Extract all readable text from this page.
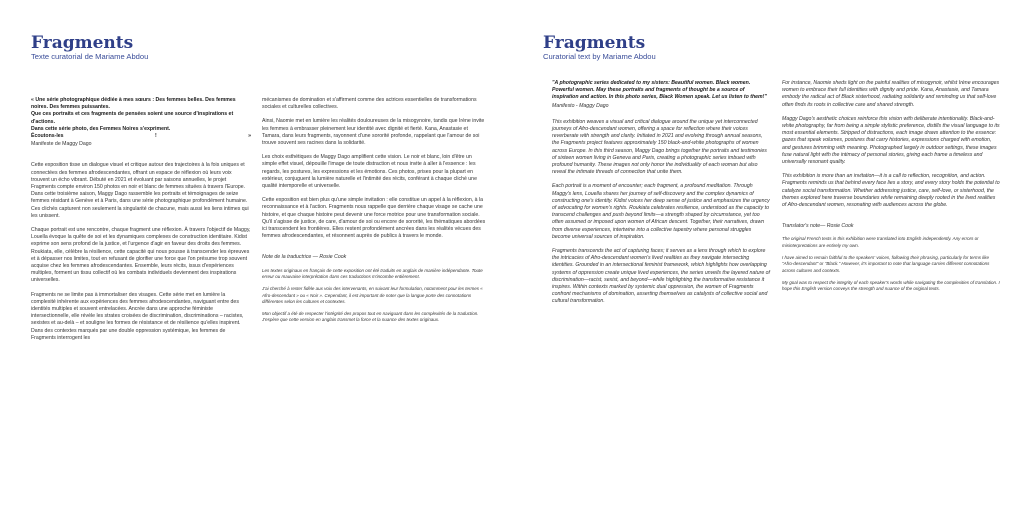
Fragments
Texte curatorial de Mariame Abdou
« Une série photographique dédiée à mes sœurs : Des femmes belles. Des femmes noires. Des femmes puissantes.
Que ces portraits et ces fragments de pensées soient une source d'inspirations et d'actions.
Dans cette série photo, des Femmes Noires s'expriment.
Écoutons-les	!	»
Manifeste de Maggy Dago

Cette exposition tisse un dialogue visuel et critique autour des trajectoires à la fois uniques et connectées des femmes afrodescendantes, offrant un espace de réflexion où leurs voix trouvent un écho vibrant. Débuté en 2021 et évoluant par saisons annuelles, le projet Fragments compte environ 150 photos en noir et blanc de femmes situées à travers l'Europe. Dans cette troisième saison, Maggy Dago rassemble les portraits et témoignages de seize femmes résidant à Genève et à Paris, dans une série photographique profondément humaine. Ces clichés capturent non seulement la singularité de chacune, mais aussi les liens intimes qui les unissent.

Chaque portrait est une rencontre, chaque fragment une réflexion. À travers l'objectif de Maggy, Louella évoque la quête de soi et les dynamiques complexes de construction identitaire. Kidist exprime son sens profond de la justice, et l'urgence d'agir en faveur des droits des femmes. Roukiata, elle, célèbre la résilience, cette capacité qui nous pousse à transcender les épreuves et à dépasser nos limites, tout en refusant de glorifier une force que l'on présume trop souvent acquise chez les femmes afrodescendantes. Ensemble, leurs récits, issus d'expériences multiples, forment un tissu collectif où les combats individuels deviennent des inspirations universelles.

Fragments ne se limite pas à immortaliser des visages. Cette série met en lumière la complexité inhérente aux expériences des femmes afrodescendantes, naviguant entre des identités multiples et souvent entrelacées. Ancrée dans une approche féministe intersectionnelle, elle révèle les strates croisées de discrimination, discriminations – racistes, sexistes et au-delà – et souligne les formes de résistance et de résilience qu'elles inspirent. Dans des contextes marqués par une double oppression systémique, les femmes de Fragments interrogent les

mécanismes de domination et s'affirment comme des actrices essentielles de transformations sociales et culturelles collectives.

Ainsi, Naomie met en lumière les réalités douloureuses de la misogynoire, tandis que Irène invite les femmes à embrasser pleinement leur identité avec dignité et fierté. Kana, Anastasie et Tamara, dans leurs fragments, rayonnent d'une sororité profonde, rappelant que l'amour de soi trouve souvent ses racines dans la solidarité.

Les choix esthétiques de Maggy Dago amplifient cette vision. Le noir et blanc, loin d'être un simple effet visuel, dépouille l'image de toute distraction et nous invite à aller à l'essence : les regards, les postures, les expressions et les émotions. Ces photos, prises pour la plupart en extérieur, conjuguent la lumière naturelle et l'intimité des récits, conférant à chaque cliché une qualité intemporelle et universelle.

Cette exposition est bien plus qu'une simple invitation : elle constitue un appel à la réflexion, à la reconnaissance et à l'action. Fragments nous rappelle que derrière chaque visage se cache une histoire, et que chaque histoire peut devenir une force motrice pour une transformation sociale. Qu'il s'agisse de justice, de care, d'amour de soi ou encore de sororité, les thématiques abordées ici transcendent les frontières. Elles restent profondément ancrées dans les réalités vécues des femmes afrodescendantes, et résonnent auprès de publics à travers le monde.

Note de la traductrice — Rosie Cook

Les textes originaux en français de cette exposition ont été traduits en anglais de manière indépendante. Toute erreur ou mauvaise interprétation dans ces traductions m'incombe entièrement.

J'ai cherché à rester fidèle aux voix des intervenants, en suivant leur formulation, notamment pour les termes « Afro-descendant » ou « Noir ». Cependant, il est important de noter que la langue porte des connotations différentes selon les cultures et contextes.

Mon objectif a été de respecter l'intégrité des propos tout en naviguant dans les complexités de la traduction. J'espère que cette version en anglais transmet la force et la nuance des textes originaux.

Fragments
Curatorial text by Mariame Abdou
"A photographic series dedicated to my sisters: Beautiful women. Black women. Powerful women. May these portraits and fragments of thought be a source of inspiration and action. In this photo series, Black Women speak. Let us listen to them!"
Manifesto - Maggy Dago

This exhibition weaves a visual and critical dialogue around the unique yet interconnected journeys of Afro-descendant women, offering a space for reflection where their voices reverberate with strength and clarity. Initiated in 2021 and evolving through annual seasons, the Fragments project features approximately 150 black-and-white photographs of women across Europe. In this third season, Maggy Dago brings together the portraits and testimonies of sixteen women living in Geneva and Paris, creating a photographic series imbued with profound humanity. These images not only honor the individuality of each woman but also reveal the intimate threads of connection that unite them.

Each portrait is a moment of encounter; each fragment, a profound meditation. Through Maggy's lens, Louella shares her journey of self-discovery and the complex dynamics of constructing one's identity. Kidist voices her deep sense of justice and emphasizes the urgency of advocating for women's rights. Roukiata celebrates resilience, understood as the capacity to transcend challenges and push beyond limits—a strength shaped by circumstance, yet too often assumed or imposed upon women of African descent. Together, their narratives, drawn from diverse experiences, intertwine into a collective tapestry where personal struggles become universal sources of inspiration.

Fragments transcends the act of capturing faces; it serves as a lens through which to explore the intricacies of Afro-descendant women's lived realities as they navigate intersecting identities. Grounded in an intersectional feminist framework, which highlights how overlapping systems of oppression create unique lived experiences, the series unveils the layered nature of discrimination—racist, sexist, and beyond—while highlighting the transformative resistance it inspires. Within contexts marked by systemic dual oppression, the women of Fragments confront mechanisms of domination, asserting themselves as catalysts of collective social and cultural transformation.

For instance, Naomie sheds light on the painful realities of misogynoir, whilst Irène encourages women to embrace their full identities with dignity and pride. Kana, Anastasie, and Tamara embody the radical act of Black sisterhood, radiating solidarity and reminding us that self-love often finds its roots in collective care and shared strength.

Maggy Dago's aesthetic choices reinforce this vision with deliberate intentionality. Black-and-white photography, far from being a simple stylistic preference, distills the visual language to its most essential elements. Stripped of distractions, each image draws attention to the essence: gazes that speak volumes, postures that carry histories, expressions charged with emotion, and gestures brimming with meaning. Photographed largely in outdoor settings, these images fuse natural light with the intimacy of personal stories, giving each frame a timeless and universally resonant quality.

This exhibition is more than an invitation—it is a call to reflection, recognition, and action. Fragments reminds us that behind every face lies a story, and every story holds the potential to catalyze social transformation. Whether addressing justice, care, self-love, or sisterhood, the themes explored here traverse boundaries while remaining deeply rooted in the lived realities of Afro-descendant women, resonating with audiences across the globe.

Translator's note— Rosie Cook

The original French texts in this exhibition were translated into English independently. Any errors or misinterpretations are entirely my own.

I have aimed to remain faithful to the speakers' voices, following their phrasing, particularly for terms like "Afro-descendant" or "Black." However, it's important to note that language carries different connotations across cultures and contexts.

My goal was to respect the integrity of each speaker's words while navigating the complexities of translation. I hope this English version conveys the strength and nuance of the original texts.
